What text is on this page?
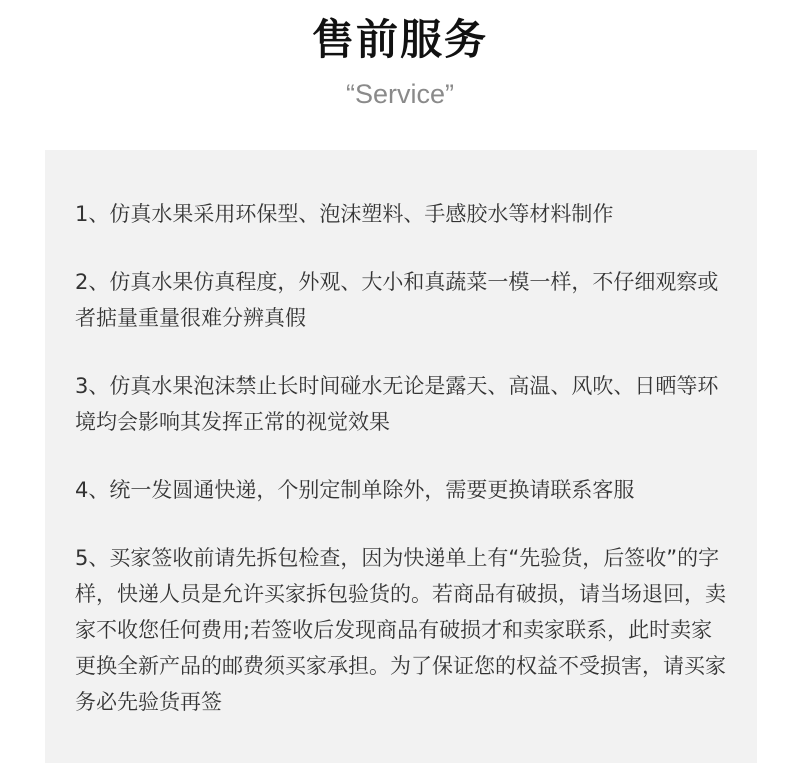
售前服务
“Service”

1、仿真水果采用环保型、泡沫塑料、手感胶水等材料制作

2、仿真水果仿真程度，外观、大小和真蔬菜一模一样，不仔细观察或者掂量重量很难分辨真假

3、仿真水果泡沫禁止长时间碰水无论是露天、高温、风吹、日晒等环境均会影响其发挥正常的视觉效果

4、统一发圆通快递，个别定制单除外，需要更换请联系客服

5、买家签收前请先拆包检查，因为快递单上有“先验货，后签收”的字样，快递人员是允许买家拆包验货的。若商品有破损，请当场退回，卖家不收您任何费用;若签收后发现商品有破损才和卖家联系，此时卖家更换全新产品的邮费须买家承担。为了保证您的权益不受损害，请买家务必先验货再签
